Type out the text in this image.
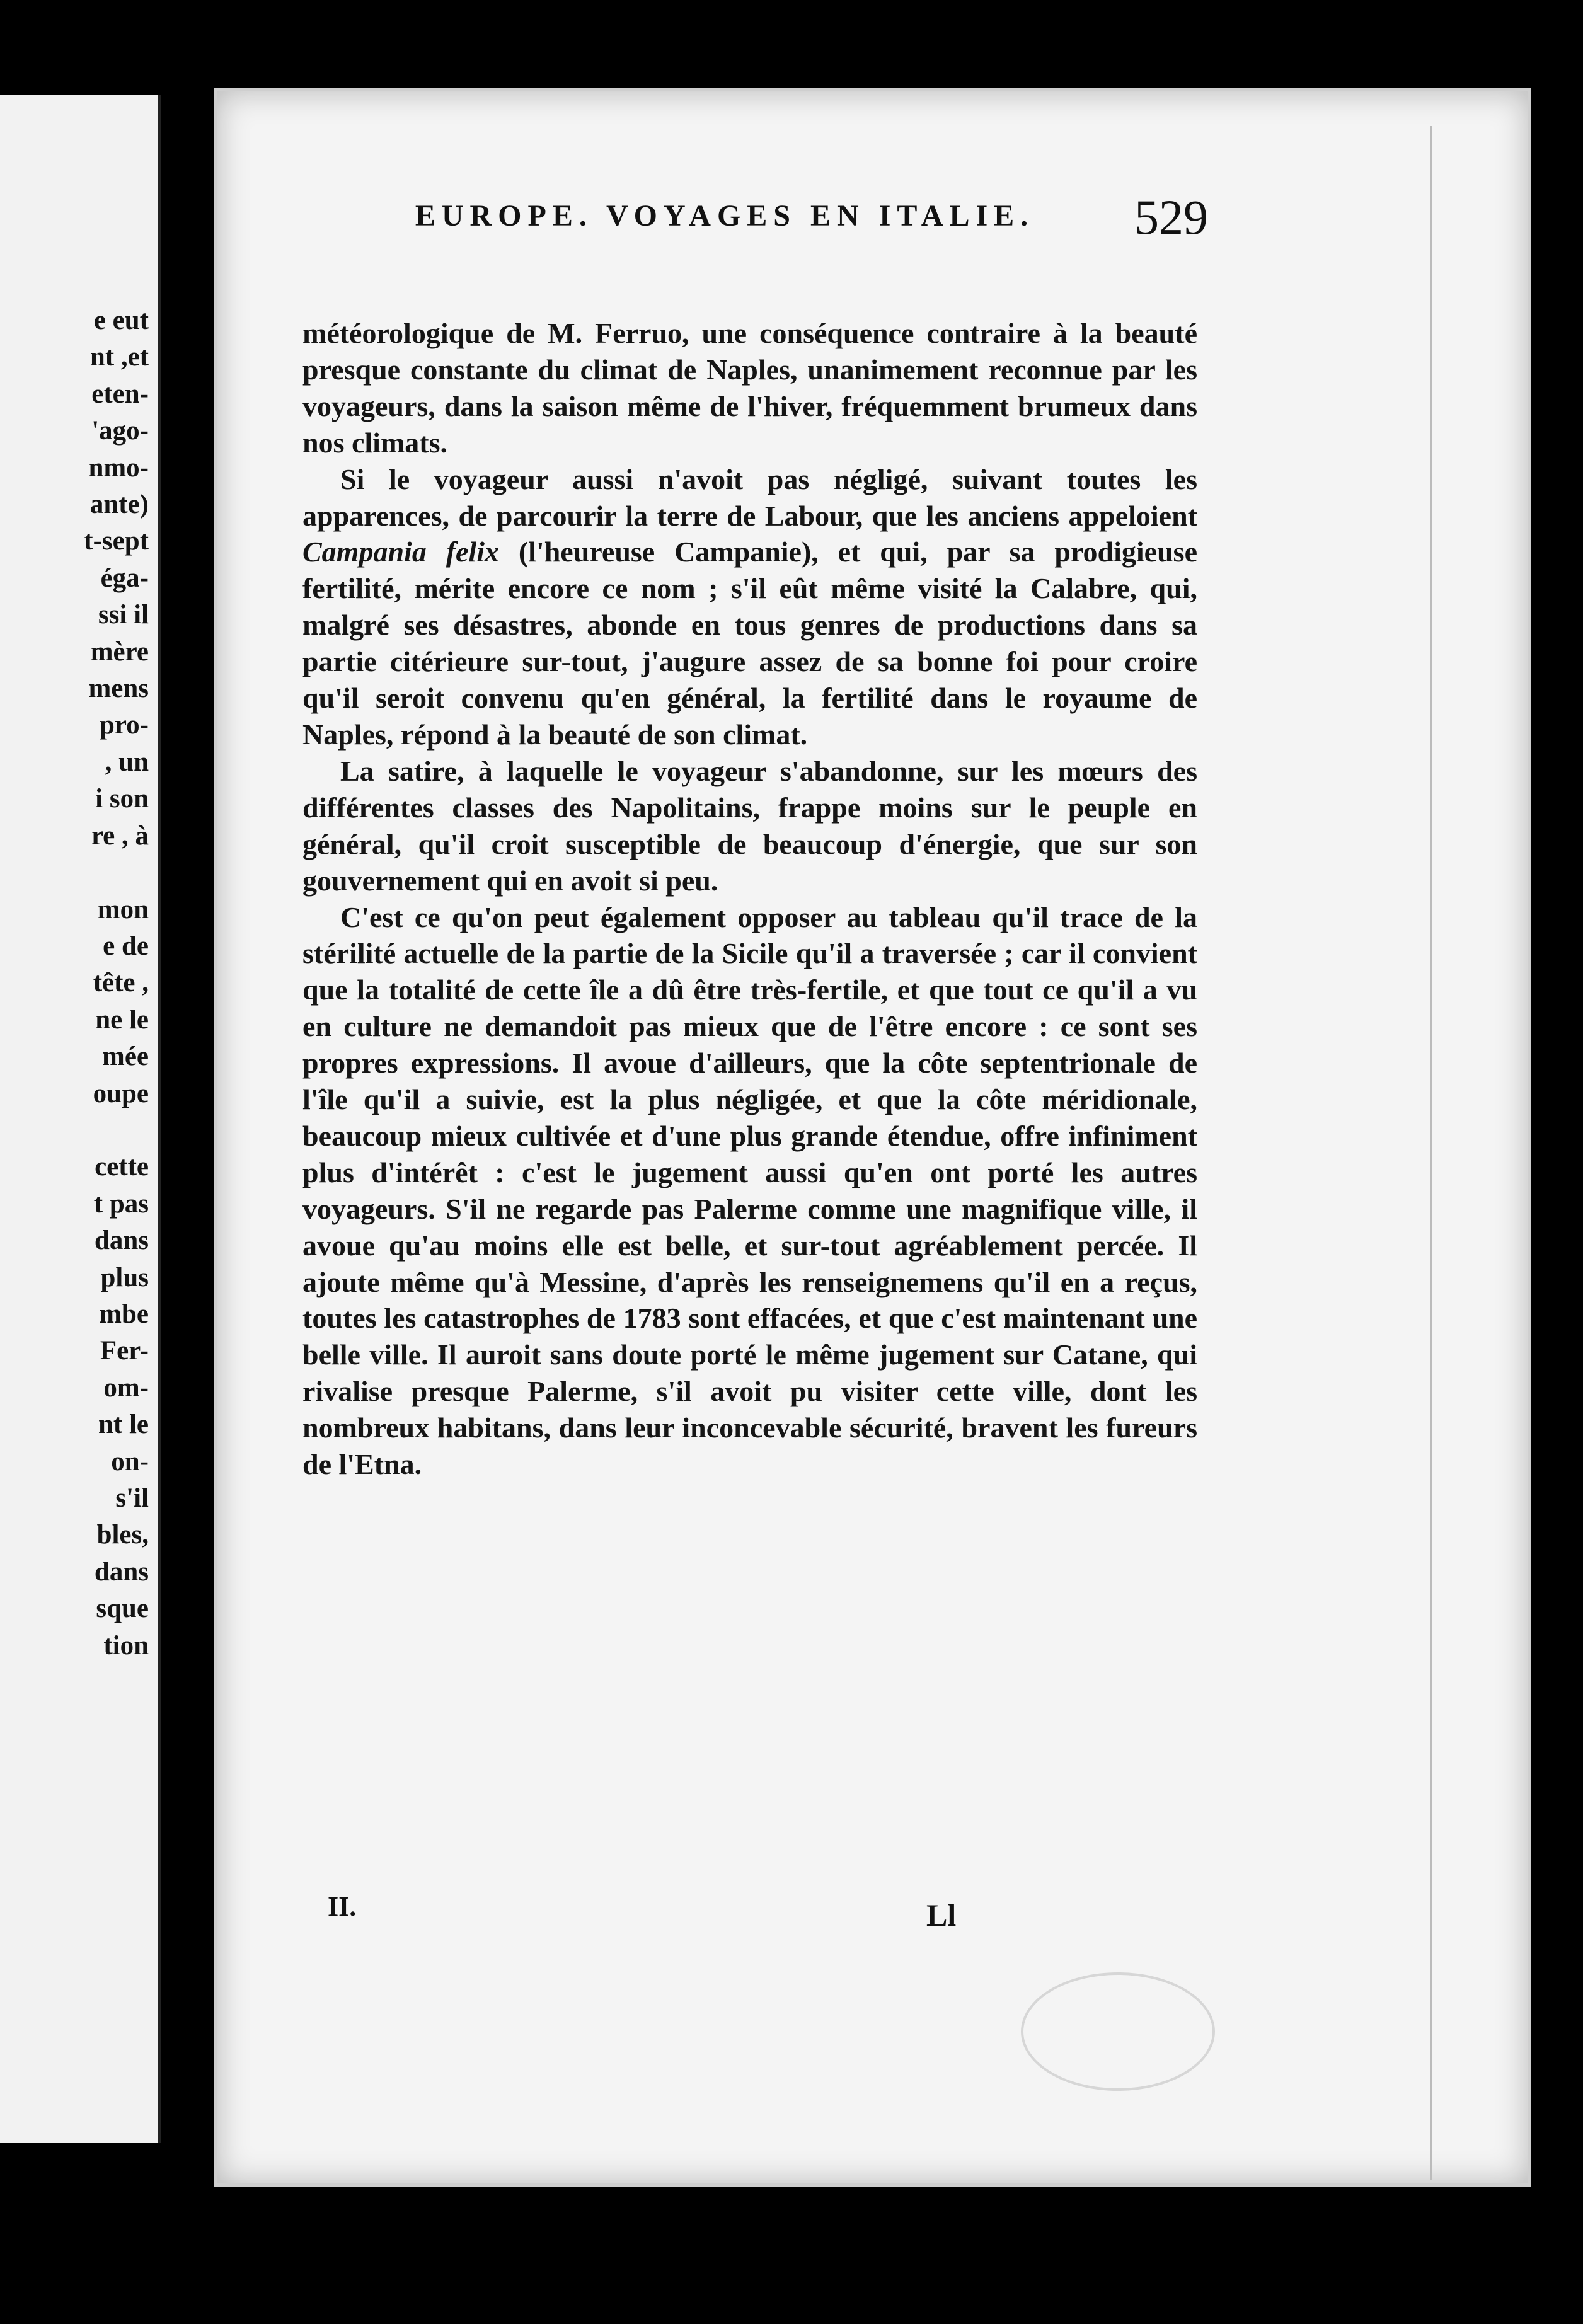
e eut
nt ,et
eten-
'ago-
nmo-
ante)
t-sept
éga-
ssi il
mère
mens
pro-
, un
i son
re , à

mon
e de
tête ,
ne le
mée
oupe

cette
t pas
dans
plus
mbe
Fer-
om-
nt le
on-
s'il
bles,
dans
sque
tion
EUROPE. VOYAGES EN ITALIE.	529

météorologique de M. Ferruo, une conséquence contraire à la beauté presque constante du climat de Naples, unanimement reconnue par les voyageurs, dans la saison même de l'hiver, fréquemment brumeux dans nos climats.

Si le voyageur aussi n'avoit pas négligé, suivant toutes les apparences, de parcourir la terre de Labour, que les anciens appeloient Campania felix (l'heureuse Campanie), et qui, par sa prodigieuse fertilité, mérite encore ce nom ; s'il eût même visité la Calabre, qui, malgré ses désastres, abonde en tous genres de productions dans sa partie citérieure sur-tout, j'augure assez de sa bonne foi pour croire qu'il seroit convenu qu'en général, la fertilité dans le royaume de Naples, répond à la beauté de son climat.

La satire, à laquelle le voyageur s'abandonne, sur les mœurs des différentes classes des Napolitains, frappe moins sur le peuple en général, qu'il croit susceptible de beaucoup d'énergie, que sur son gouvernement qui en avoit si peu.

C'est ce qu'on peut également opposer au tableau qu'il trace de la stérilité actuelle de la partie de la Sicile qu'il a traversée ; car il convient que la totalité de cette île a dû être très-fertile, et que tout ce qu'il a vu en culture ne demandoit pas mieux que de l'être encore : ce sont ses propres expressions. Il avoue d'ailleurs, que la côte septentrionale de l'île qu'il a suivie, est la plus négligée, et que la côte méridionale, beaucoup mieux cultivée et d'une plus grande étendue, offre infiniment plus d'intérêt : c'est le jugement aussi qu'en ont porté les autres voyageurs. S'il ne regarde pas Palerme comme une magnifique ville, il avoue qu'au moins elle est belle, et sur-tout agréablement percée. Il ajoute même qu'à Messine, d'après les renseignemens qu'il en a reçus, toutes les catastrophes de 1783 sont effacées, et que c'est maintenant une belle ville. Il auroit sans doute porté le même jugement sur Catane, qui rivalise presque Palerme, s'il avoit pu visiter cette ville, dont les nombreux habitans, dans leur inconcevable sécurité, bravent les fureurs de l'Etna.

II.	Ll
